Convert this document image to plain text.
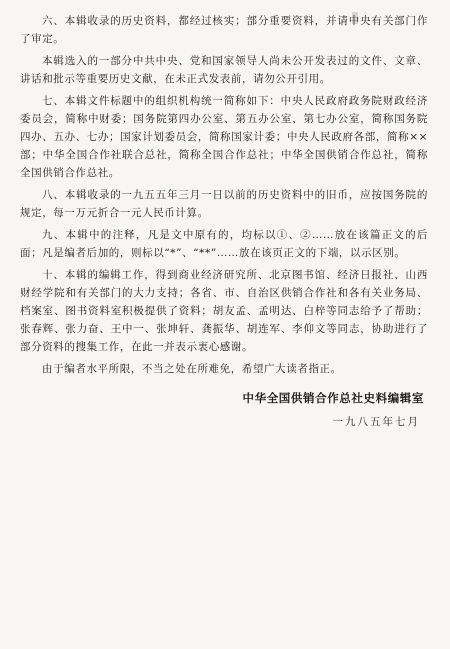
六、本辑收录的历史资料，都经过核实；部分重要资料，并请中央有关部门作了审定。

本辑选入的一部分中共中央、党和国家领导人尚未公开发表过的文件、文章、讲话和批示等重要历史文献，在未正式发表前，请勿公开引用。

七、本辑文件标题中的组织机构统一简称如下：中央人民政府政务院财政经济委员会，简称中财委；国务院第四办公室、第五办公室、第七办公室，简称国务院四办、五办、七办；国家计划委员会，简称国家计委；中央人民政府各部，简称××部；中华全国合作社联合总社，简称全国合作总社；中华全国供销合作总社，简称全国供销合作总社。

八、本辑收录的一九五五年三月一日以前的历史资料中的旧币，应按国务院的规定，每一万元折合一元人民币计算。

九、本辑中的注释，凡是文中原有的，均标以①、②……放在该篇正文的后面；凡是编者后加的，则标以“*”、“**”……放在该页正文的下端，以示区别。

十、本辑的编辑工作，得到商业经济研究所、北京图书馆、经济日报社、山西财经学院和有关部门的大力支持；各省、市、自治区供销合作社和各有关业务局、档案室、图书资料室积极提供了资料；胡友孟、孟明达、白梓等同志给予了帮助；张春辉、张力奋、王中一、张坤轩、龚振华、胡连军、李仰文等同志，协助进行了部分资料的搜集工作，在此一并表示衷心感谢。

由于编者水平所限，不当之处在所难免，希望广大读者指正。

中华全国供销合作总社史料编辑室
一九八五年七月
